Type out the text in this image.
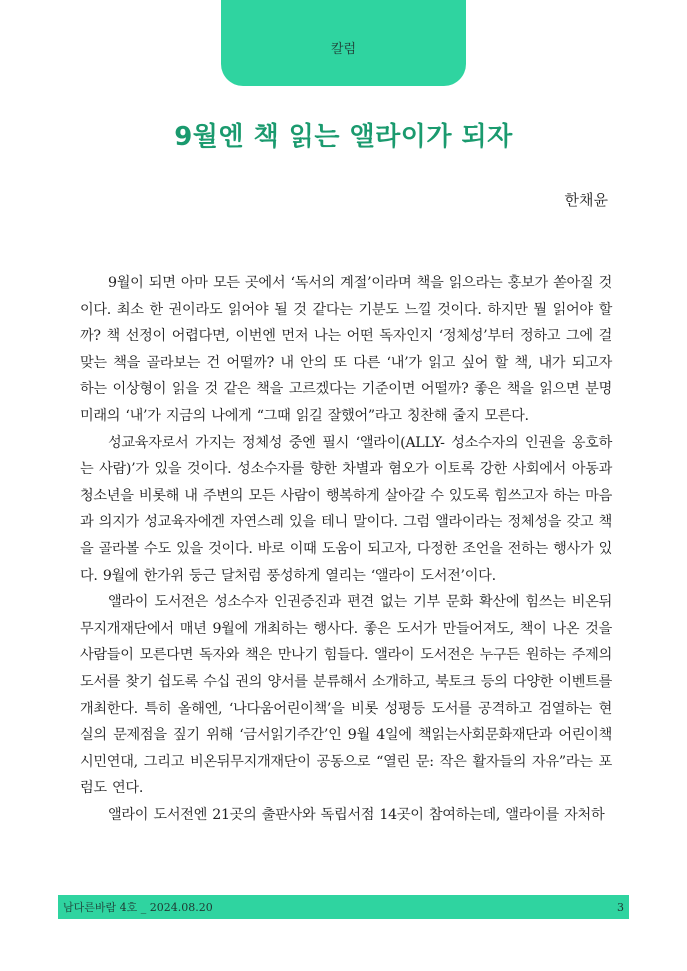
칼럼
9월엔 책 읽는 앨라이가 되자
한채윤

9월이 되면 아마 모든 곳에서 ‘독서의 계절’이라며 책을 읽으라는 홍보가 쏟아질 것이다. 최소 한 권이라도 읽어야 될 것 같다는 기분도 느낄 것이다. 하지만 뭘 읽어야 할까? 책 선정이 어렵다면, 이번엔 먼저 나는 어떤 독자인지 ‘정체성’부터 정하고 그에 걸맞는 책을 골라보는 건 어떨까? 내 안의 또 다른 ‘내’가 읽고 싶어 할 책, 내가 되고자 하는 이상형이 읽을 것 같은 책을 고르겠다는 기준이면 어떨까? 좋은 책을 읽으면 분명 미래의 ‘내’가 지금의 나에게 “그때 읽길 잘했어”라고 칭찬해 줄지 모른다.

성교육자로서 가지는 정체성 중엔 필시 ‘앨라이(ALLY- 성소수자의 인권을 옹호하는 사람)’가 있을 것이다. 성소수자를 향한 차별과 혐오가 이토록 강한 사회에서 아동과 청소년을 비롯해 내 주변의 모든 사람이 행복하게 살아갈 수 있도록 힘쓰고자 하는 마음과 의지가 성교육자에겐 자연스레 있을 테니 말이다. 그럼 앨라이라는 정체성을 갖고 책을 골라볼 수도 있을 것이다. 바로 이때 도움이 되고자, 다정한 조언을 전하는 행사가 있다. 9월에 한가위 둥근 달처럼 풍성하게 열리는 ‘앨라이 도서전’이다.

앨라이 도서전은 성소수자 인권증진과 편견 없는 기부 문화 확산에 힘쓰는 비온뒤무지개재단에서 매년 9월에 개최하는 행사다. 좋은 도서가 만들어져도, 책이 나온 것을 사람들이 모른다면 독자와 책은 만나기 힘들다. 앨라이 도서전은 누구든 원하는 주제의 도서를 찾기 쉽도록 수십 권의 양서를 분류해서 소개하고, 북토크 등의 다양한 이벤트를 개최한다. 특히 올해엔, ‘나다움어린이책’을 비롯 성평등 도서를 공격하고 검열하는 현실의 문제점을 짚기 위해 ‘금서읽기주간’인 9월 4일에 책읽는사회문화재단과 어린이책시민연대, 그리고 비온뒤무지개재단이 공동으로 “열린 문: 작은 활자들의 자유”라는 포럼도 연다.

앨라이 도서전엔 21곳의 출판사와 독립서점 14곳이 참여하는데, 앨라이를 자처하

남다른바람 4호 _ 2024.08.20	3
